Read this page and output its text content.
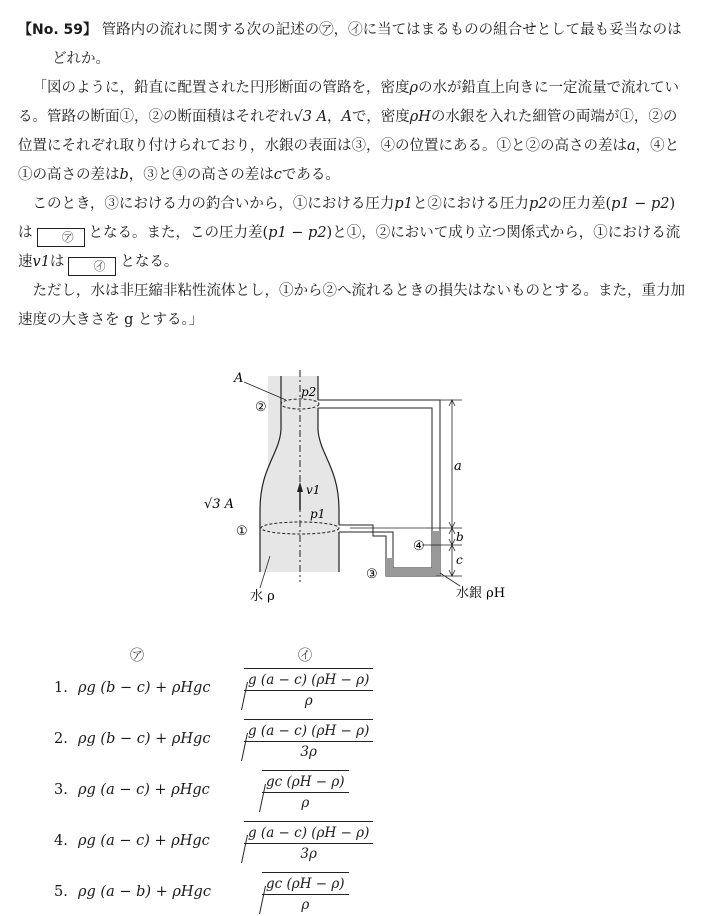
【No. 59】 管路内の流れに関する次の記述の㋐，㋑に当てはまるものの組合せとして最も妥当なのはどれか。

「図のように，鉛直に配置された円形断面の管路を，密度ρの水が鉛直上向きに一定流量で流れている。管路の断面①，②の断面積はそれぞれ√3 A，Aで，密度ρHの水銀を入れた細管の両端が①，②の位置にそれぞれ取り付けられており，水銀の表面は③，④の位置にある。①と②の高さの差はa，④と①の高さの差はb，③と④の高さの差はcである。

このとき，③における力の釣合いから，①における圧力p1と②における圧力p2の圧力差(p1 − p2)は	㋐ となる。また，この圧力差(p1 − p2)と①，②において成り立つ関係式から，①における流速v1は	㋑ となる。

ただし，水は非圧縮非粘性流体とし，①から②へ流れるときの損失はないものとする。また，重力加速度の大きさを g とする。」

A
p2
②
√3 A
①
v1
p1
水 ρ
a
b
c
④
③
水銀 ρH
㋐	㋑
1. ρg (b − c) + ρHgc $\frac{g (a - c) (\rho H - \rho)}{\rho}$
2. ρg (b − c) + ρHgc $\frac{g (a - c) (\rho H - \rho)}{3\rho}$
3. ρg (a − c) + ρHgc	$\frac{gc (\rho H - \rho)}{\rho}$
4. ρg (a − c) + ρHgc	$\frac{g (a - c) (\rho H - \rho)}{3\rho}$
5. ρg (a − b) + ρHgc	$\frac{gc (\rho H - \rho)}{\rho}$
